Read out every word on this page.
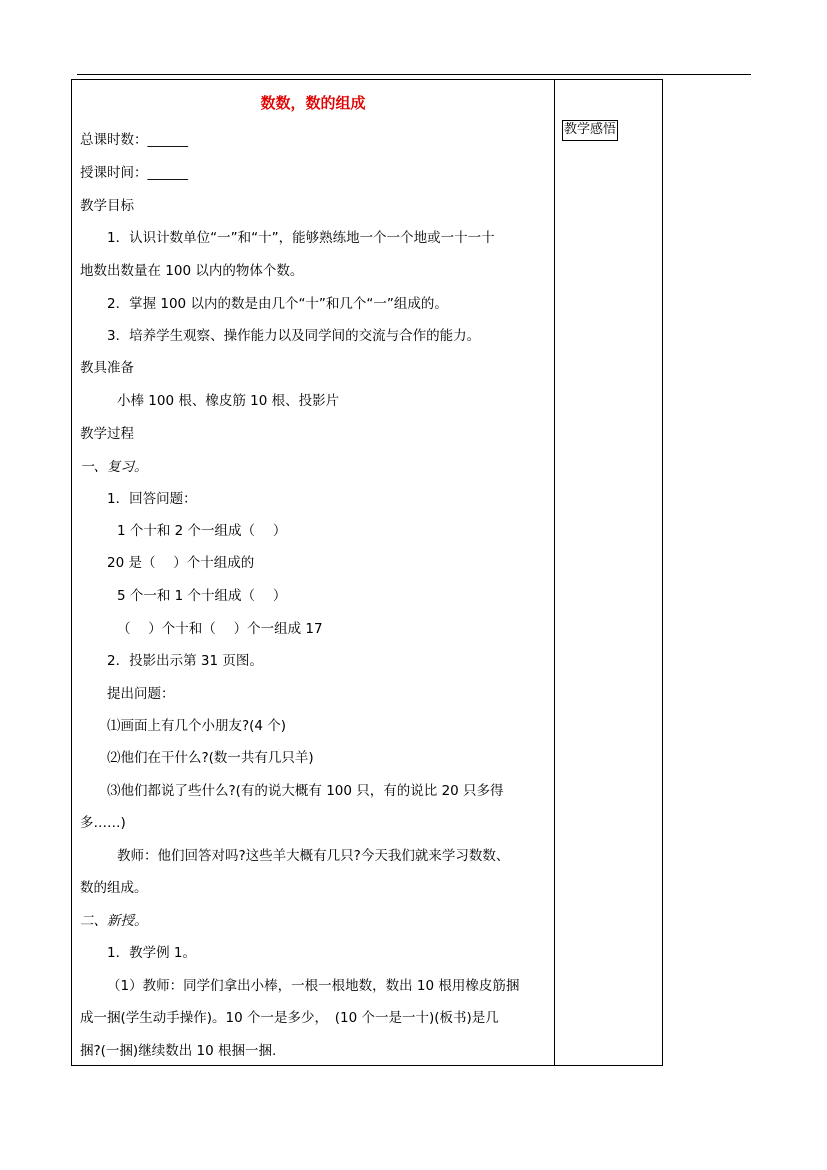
教学感悟
数数，数的组成
总课时数：______
授课时间：______
教学目标
1．认识计数单位“一”和“十”，能够熟练地一个一个地或一十一十
地数出数量在 100 以内的物体个数。
2．掌握 100 以内的数是由几个“十”和几个“一”组成的。
3．培养学生观察、操作能力以及同学间的交流与合作的能力。
教具准备
小棒 100 根、橡皮筋 10 根、投影片
教学过程
一、复习。
1．回答问题：
1 个十和 2 个一组成（　 ）
20 是（　 ）个十组成的
5 个一和 1 个十组成（　 ）
（　 ）个十和（　 ）个一组成 17
2．投影出示第 31 页图。
提出问题：
⑴画面上有几个小朋友?(4 个)
⑵他们在干什么?(数一共有几只羊)
⑶他们都说了些什么?(有的说大概有 100 只，有的说比 20 只多得
多……)
教师：他们回答对吗?这些羊大概有几只?今天我们就来学习数数、
数的组成。
二、新授。
1．教学例 1。
（1）教师：同学们拿出小棒，一根一根地数，数出 10 根用橡皮筋捆
成一捆(学生动手操作)。10 个一是多少，　(10 个一是一十)(板书)是几
捆?(一捆)继续数出 10 根捆一捆.
